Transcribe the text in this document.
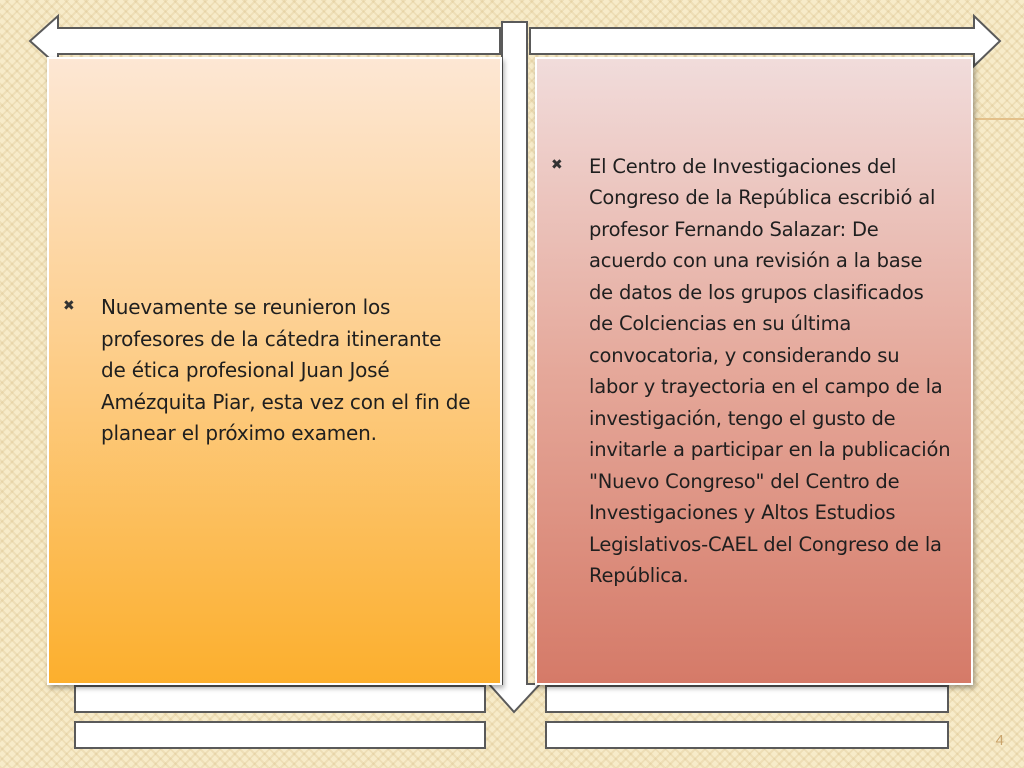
✖	Nuevamente se reunieron los profesores de la cátedra itinerante de ética profesional Juan José Amézquita Piar, esta vez con el fin de planear el próximo examen.

✖	El Centro de Investigaciones del Congreso de la República escribió al profesor Fernando Salazar: De acuerdo con una revisión a la base de datos de los grupos clasificados de Colciencias en su última convocatoria, y considerando su labor y trayectoria en el campo de la investigación, tengo el gusto de invitarle a participar en la publicación "Nuevo Congreso" del Centro de Investigaciones y Altos Estudios Legislativos-CAEL del Congreso de la República.

4
